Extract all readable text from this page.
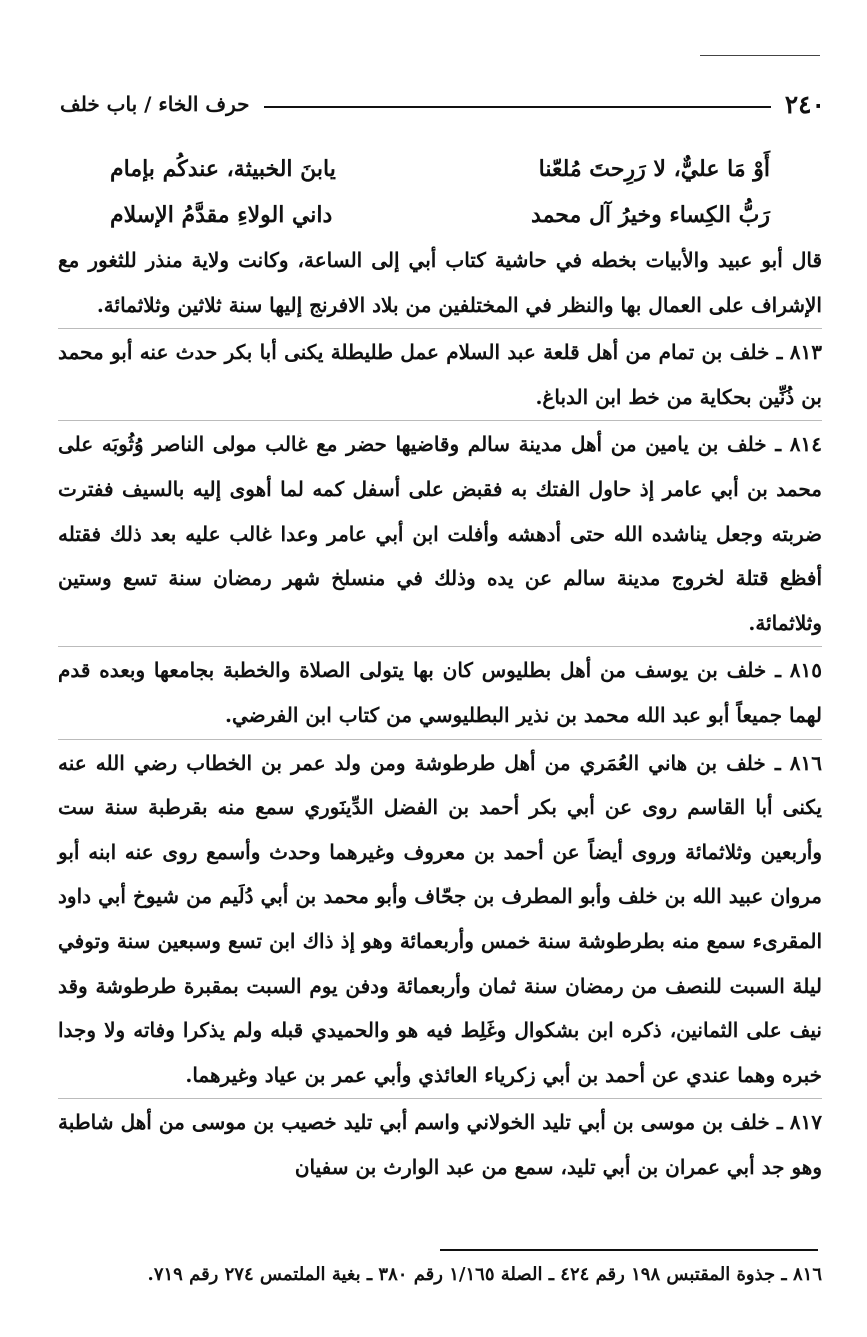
٢٤٠
حرف الخاء / باب خلف
أَوْ مَا عليٌّ، لا رَرِحتَ مُلعّنا
يابنَ الخبيثة، عندكُم بإمام
رَبُّ الكِساء وخيرُ آل محمد
داني الولاءِ مقدَّمُ الإسلام

قال أبو عبيد والأبيات بخطه في حاشية كتاب أبي إلى الساعة، وكانت ولاية منذر للثغور مع الإشراف على العمال بها والنظر في المختلفين من بلاد الافرنج إليها سنة ثلاثين وثلاثمائة.

٨١٣ ـ خلف بن تمام من أهل قلعة عبد السلام عمل طليطلة يكنى أبا بكر حدث عنه أبو محمد بن ذُنِّين بحكاية من خط ابن الدباغ.

٨١٤ ـ خلف بن يامين من أهل مدينة سالم وقاضيها حضر مع غالب مولى الناصر وُثُوبَه على محمد بن أبي عامر إذ حاول الفتك به فقبض على أسفل كمه لما أهوى إليه بالسيف ففترت ضربته وجعل يناشده الله حتى أدهشه وأفلت ابن أبي عامر وعدا غالب عليه بعد ذلك فقتله أفظع قتلة لخروج مدينة سالم عن يده وذلك في منسلخ شهر رمضان سنة تسع وستين وثلاثمائة.

٨١٥ ـ خلف بن يوسف من أهل بطليوس كان بها يتولى الصلاة والخطبة بجامعها وبعده قدم لهما جميعاً أبو عبد الله محمد بن نذير البطليوسي من كتاب ابن الفرضي.

٨١٦ ـ خلف بن هاني العُمَري من أهل طرطوشة ومن ولد عمر بن الخطاب رضي الله عنه يكنى أبا القاسم روى عن أبي بكر أحمد بن الفضل الدِّينَوري سمع منه بقرطبة سنة ست وأربعين وثلاثمائة وروى أيضاً عن أحمد بن معروف وغيرهما وحدث وأسمع روى عنه ابنه أبو مروان عبيد الله بن خلف وأبو المطرف بن جحّاف وأبو محمد بن أبي دُلَيم من شيوخ أبي داود المقرىء سمع منه بطرطوشة سنة خمس وأربعمائة وهو إذ ذاك ابن تسع وسبعين سنة وتوفي ليلة السبت للنصف من رمضان سنة ثمان وأربعمائة ودفن يوم السبت بمقبرة طرطوشة وقد نيف على الثمانين، ذكره ابن بشكوال وغَلِط فيه هو والحميدي قبله ولم يذكرا وفاته ولا وجدا خبره وهما عندي عن أحمد بن أبي زكرياء العائذي وأبي عمر بن عياد وغيرهما.

٨١٧ ـ خلف بن موسى بن أبي تليد الخولاني واسم أبي تليد خصيب بن موسى من أهل شاطبة وهو جد أبي عمران بن أبي تليد، سمع من عبد الوارث بن سفيان

٨١٦ ـ جذوة المقتبس ١٩٨ رقم ٤٢٤ ـ الصلة ١/١٦٥ رقم ٣٨٠ ـ بغية الملتمس ٢٧٤ رقم ٧١٩.
